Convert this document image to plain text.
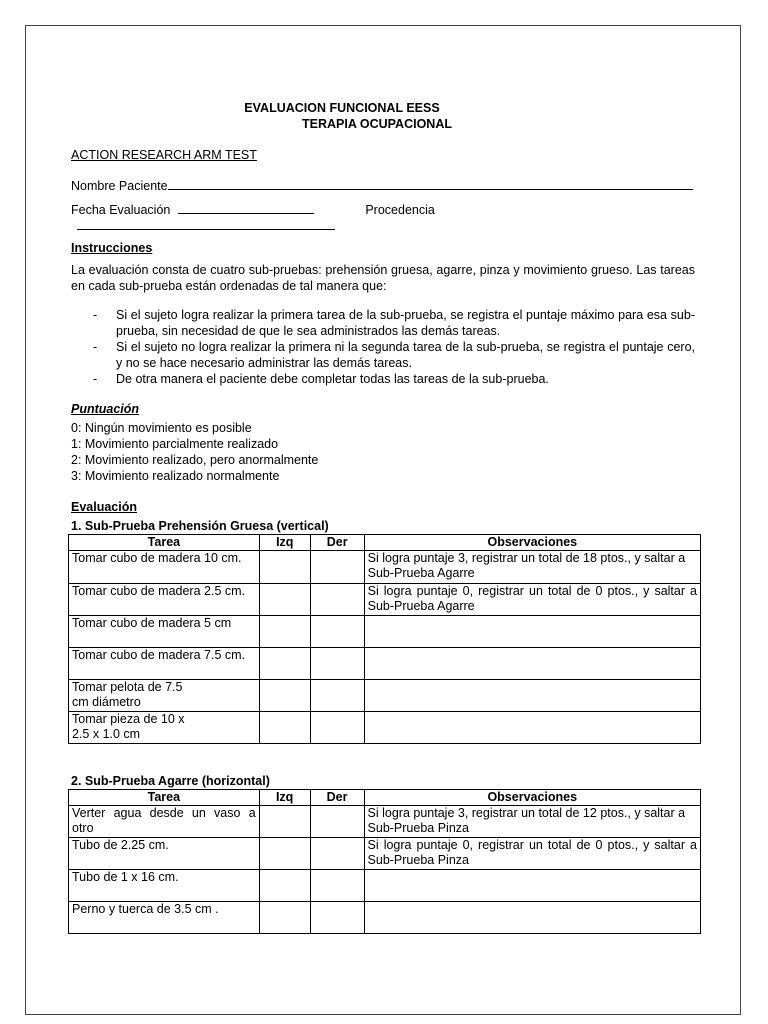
EVALUACION FUNCIONAL EESS
TERAPIA OCUPACIONAL
ACTION RESEARCH ARM TEST
Nombre Paciente
Fecha Evaluación	Procedencia
Instrucciones
La evaluación consta de cuatro sub-pruebas: prehensión gruesa, agarre, pinza y movimiento grueso. Las tareas en cada sub-prueba están ordenadas de tal manera que:
- Si el sujeto logra realizar la primera tarea de la sub-prueba, se registra el puntaje máximo para esa sub-prueba, sin necesidad de que le sea administrados las demás tareas.
- Si el sujeto no logra realizar la primera ni la segunda tarea de la sub-prueba, se registra el puntaje cero, y no se hace necesario administrar las demás tareas.
- De otra manera el paciente debe completar todas las tareas de la sub-prueba.
Puntuación
0: Ningún movimiento es posible
1: Movimiento parcialmente realizado
2: Movimiento realizado, pero anormalmente
3: Movimiento realizado normalmente
Evaluación
1. Sub-Prueba Prehensión Gruesa (vertical)
Tarea	Izq	Der	Observaciones
Tomar cubo de madera 10 cm.			Si logra puntaje 3, registrar un total de 18 ptos., y saltar a Sub-Prueba Agarre
Tomar cubo de madera 2.5 cm.			Si logra puntaje 0, registrar un total de 0 ptos., y saltar a Sub-Prueba Agarre
Tomar cubo de madera 5 cm			
Tomar cubo de madera 7.5 cm.			
Tomar pelota de 7.5 cm diámetro			
Tomar pieza de 10 x 2.5 x 1.0 cm			
2. Sub-Prueba Agarre (horizontal)
Tarea	Izq	Der	Observaciones
Verter agua desde un vaso a otro			Si logra puntaje 3, registrar un total de 12 ptos., y saltar a Sub-Prueba Pinza
Tubo de 2.25 cm.			Si logra puntaje 0, registrar un total de 0 ptos., y saltar a Sub-Prueba Pinza
Tubo de 1 x 16 cm.			
Perno y tuerca de 3.5 cm .			
